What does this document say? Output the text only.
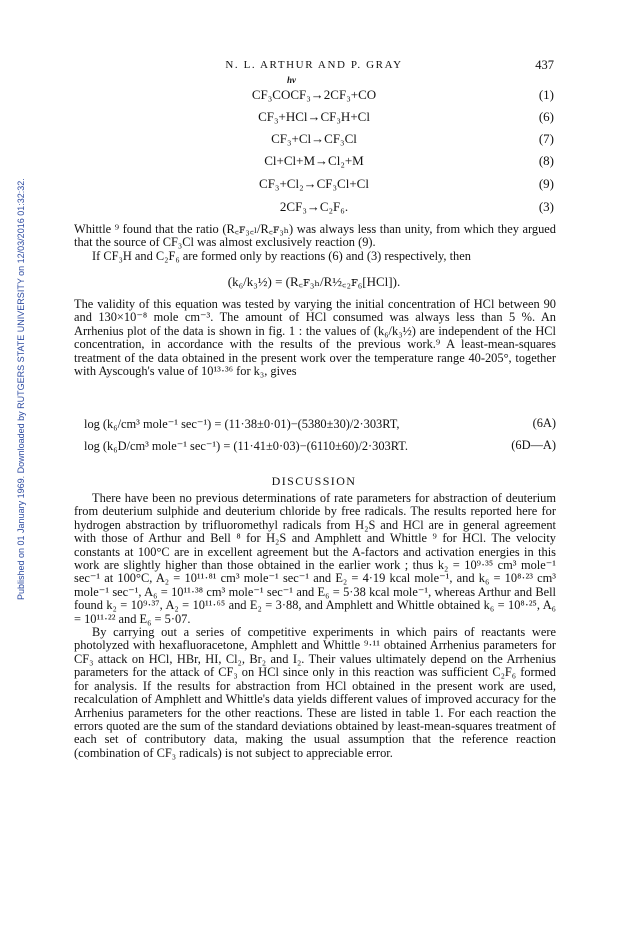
Published on 01 January 1969. Downloaded by RUTGERS STATE UNIVERSITY on 12/03/2016 01:32:32.
N. L. ARTHUR AND P. GRAY	437
hν
CF₃COCF₃→2CF₃+CO	(1)
CF₃+HCl→CF₃H+Cl	(6)
CF₃+Cl→CF₃Cl	(7)
Cl+Cl+M→Cl₂+M	(8)
CF₃+Cl₂→CF₃Cl+Cl	(9)
2CF₃→C₂F₆.	(3)

Whittle ⁹ found that the ratio (R꜀ꜰ₃꜀ₗ/R꜀ꜰ₃ₕ) was always less than unity, from which they argued that the source of CF₃Cl was almost exclusively reaction (9).

If CF₃H and C₂F₆ are formed only by reactions (6) and (3) respectively, then

(k₆/k₃½) = (R꜀ꜰ₃ₕ/R½꜀₂ꜰ₆[HCl]).

The validity of this equation was tested by varying the initial concentration of HCl between 90 and 130×10⁻⁸ mole cm⁻³. The amount of HCl consumed was always less than 5 %. An Arrhenius plot of the data is shown in fig. 1 : the values of (k₆/k₃½) are independent of the HCl concentration, in accordance with the results of the previous work.⁹ A least-mean-squares treatment of the data obtained in the present work over the temperature range 40-205°, together with Ayscough's value of 10¹³·³⁶ for k₃, gives

log (k₆/cm³ mole⁻¹ sec⁻¹) = (11·38±0·01)−(5380±30)/2·303RT,	(6A)
log (k₆D/cm³ mole⁻¹ sec⁻¹) = (11·41±0·03)−(6110±60)/2·303RT.	(6D—A)
DISCUSSION

There have been no previous determinations of rate parameters for abstraction of deuterium from deuterium sulphide and deuterium chloride by free radicals. The results reported here for hydrogen abstraction by trifluoromethyl radicals from H₂S and HCl are in general agreement with those of Arthur and Bell ⁸ for H₂S and Amphlett and Whittle ⁹ for HCl. The velocity constants at 100°C are in excellent agreement but the A-factors and activation energies in this work are slightly higher than those obtained in the earlier work ; thus k₂ = 10⁹·³⁵ cm³ mole⁻¹ sec⁻¹ at 100°C, A₂ = 10¹¹·⁸¹ cm³ mole⁻¹ sec⁻¹ and E₂ = 4·19 kcal mole⁻¹, and k₆ = 10⁸·²³ cm³ mole⁻¹ sec⁻¹, A₆ = 10¹¹·³⁸ cm³ mole⁻¹ sec⁻¹ and E₆ = 5·38 kcal mole⁻¹, whereas Arthur and Bell found k₂ = 10⁹·³⁷, A₂ = 10¹¹·⁶⁵ and E₂ = 3·88, and Amphlett and Whittle obtained k₆ = 10⁸·²⁵, A₆ = 10¹¹·²² and E₆ = 5·07.

By carrying out a series of competitive experiments in which pairs of reactants were photolyzed with hexafluoracetone, Amphlett and Whittle ⁹·¹¹ obtained Arrhenius parameters for CF₃ attack on HCl, HBr, HI, Cl₂, Br₂ and I₂. Their values ultimately depend on the Arrhenius parameters for the attack of CF₃ on HCl since only in this reaction was sufficient C₂F₆ formed for analysis. If the results for abstraction from HCl obtained in the present work are used, recalculation of Amphlett and Whittle's data yields different values of improved accuracy for the Arrhenius parameters for the other reactions. These are listed in table 1. For each reaction the errors quoted are the sum of the standard deviations obtained by least-mean-squares treatment of each set of contributory data, making the usual assumption that the reference reaction (combination of CF₃ radicals) is not subject to appreciable error.
